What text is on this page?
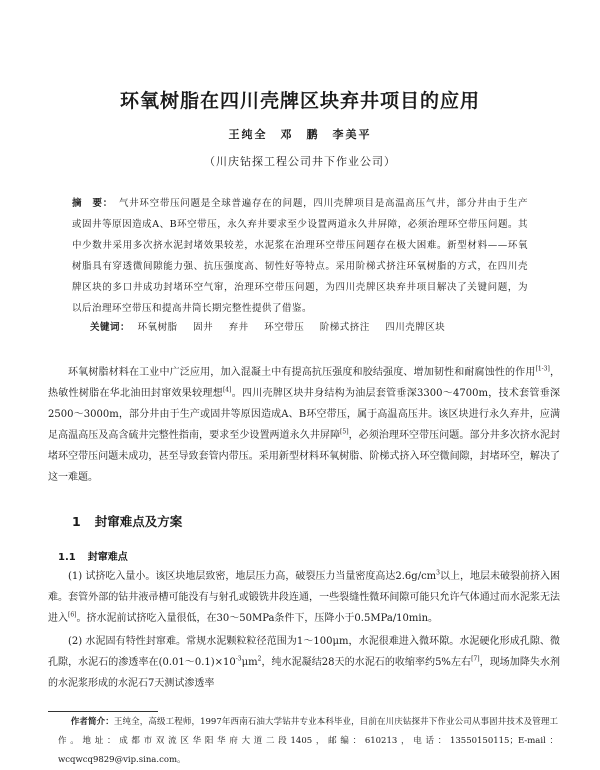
环氧树脂在四川壳牌区块弃井项目的应用
王纯全　邓　鹏　李美平
（川庆钻探工程公司井下作业公司）
摘　要： 气井环空带压问题是全球普遍存在的问题，四川壳牌项目是高温高压气井，部分井由于生产或固井等原因造成A、B环空带压，永久弃井要求至少设置两道永久井屏障，必须治理环空带压问题。其中少数井采用多次挤水泥封堵效果较差，水泥浆在治理环空带压问题存在极大困难。新型材料——环氧树脂具有穿透微间隙能力强、抗压强度高、韧性好等特点。采用阶梯式挤注环氧树脂的方式，在四川壳牌区块的多口井成功封堵环空气窜，治理环空带压问题，为四川壳牌区块弃井项目解决了关键问题，为以后治理环空带压和提高井筒长期完整性提供了借鉴。
关键词： 环氧树脂 固井 弃井 环空带压 阶梯式挤注 四川壳牌区块
环氧树脂材料在工业中广泛应用，加入混凝土中有提高抗压强度和胶结强度、增加韧性和耐腐蚀性的作用[1-3]，热敏性树脂在华北油田封窜效果较理想[4]。四川壳牌区块井身结构为油层套管垂深3300～4700m，技术套管垂深2500～3000m，部分井由于生产或固井等原因造成A、B环空带压，属于高温高压井。该区块进行永久弃井，应满足高温高压及高含硫井完整性指南，要求至少设置两道永久井屏障[5]，必须治理环空带压问题。部分井多次挤水泥封堵环空带压问题未成功，甚至导致套管内带压。采用新型材料环氧树脂、阶梯式挤入环空微间隙，封堵环空，解决了这一难题。
1 封窜难点及方案
1.1 封窜难点
(1) 试挤吃入量小。该区块地层致密，地层压力高，破裂压力当量密度高达$2.6g/cm^3$以上，地层未破裂前挤入困难。套管外部的钻井液帚槽可能没有与射孔或锻铣井段连通，一些裂缝性微环间隙可能只允许气体通过而水泥浆无法进入[6]。挤水泥前试挤吃入量很低，在30～50MPa条件下，压降小于0.5MPa/10min。
(2) 水泥固有特性封窜难。常规水泥颗粒粒径范围为1～100μm，水泥很难进入微环隙。水泥硬化形成孔隙、微孔隙，水泥石的渗透率在$(0.01\sim 0.1)\times 10^{-3}\mu m^2$，纯水泥凝结28天的水泥石的收缩率约5%左右[7]，现场加降失水剂的水泥浆形成的水泥石7天测试渗透率
作者简介：王纯全，高级工程师，1997年西南石油大学钻井专业本科毕业，目前在川庆钻探井下作业公司从事固井技术及管理工作。地址：成都市双流区华阳华府大道二段1405，邮编：610213，电话：13550150115；E-mail：wcqwcq9829@vip.sina.com。
